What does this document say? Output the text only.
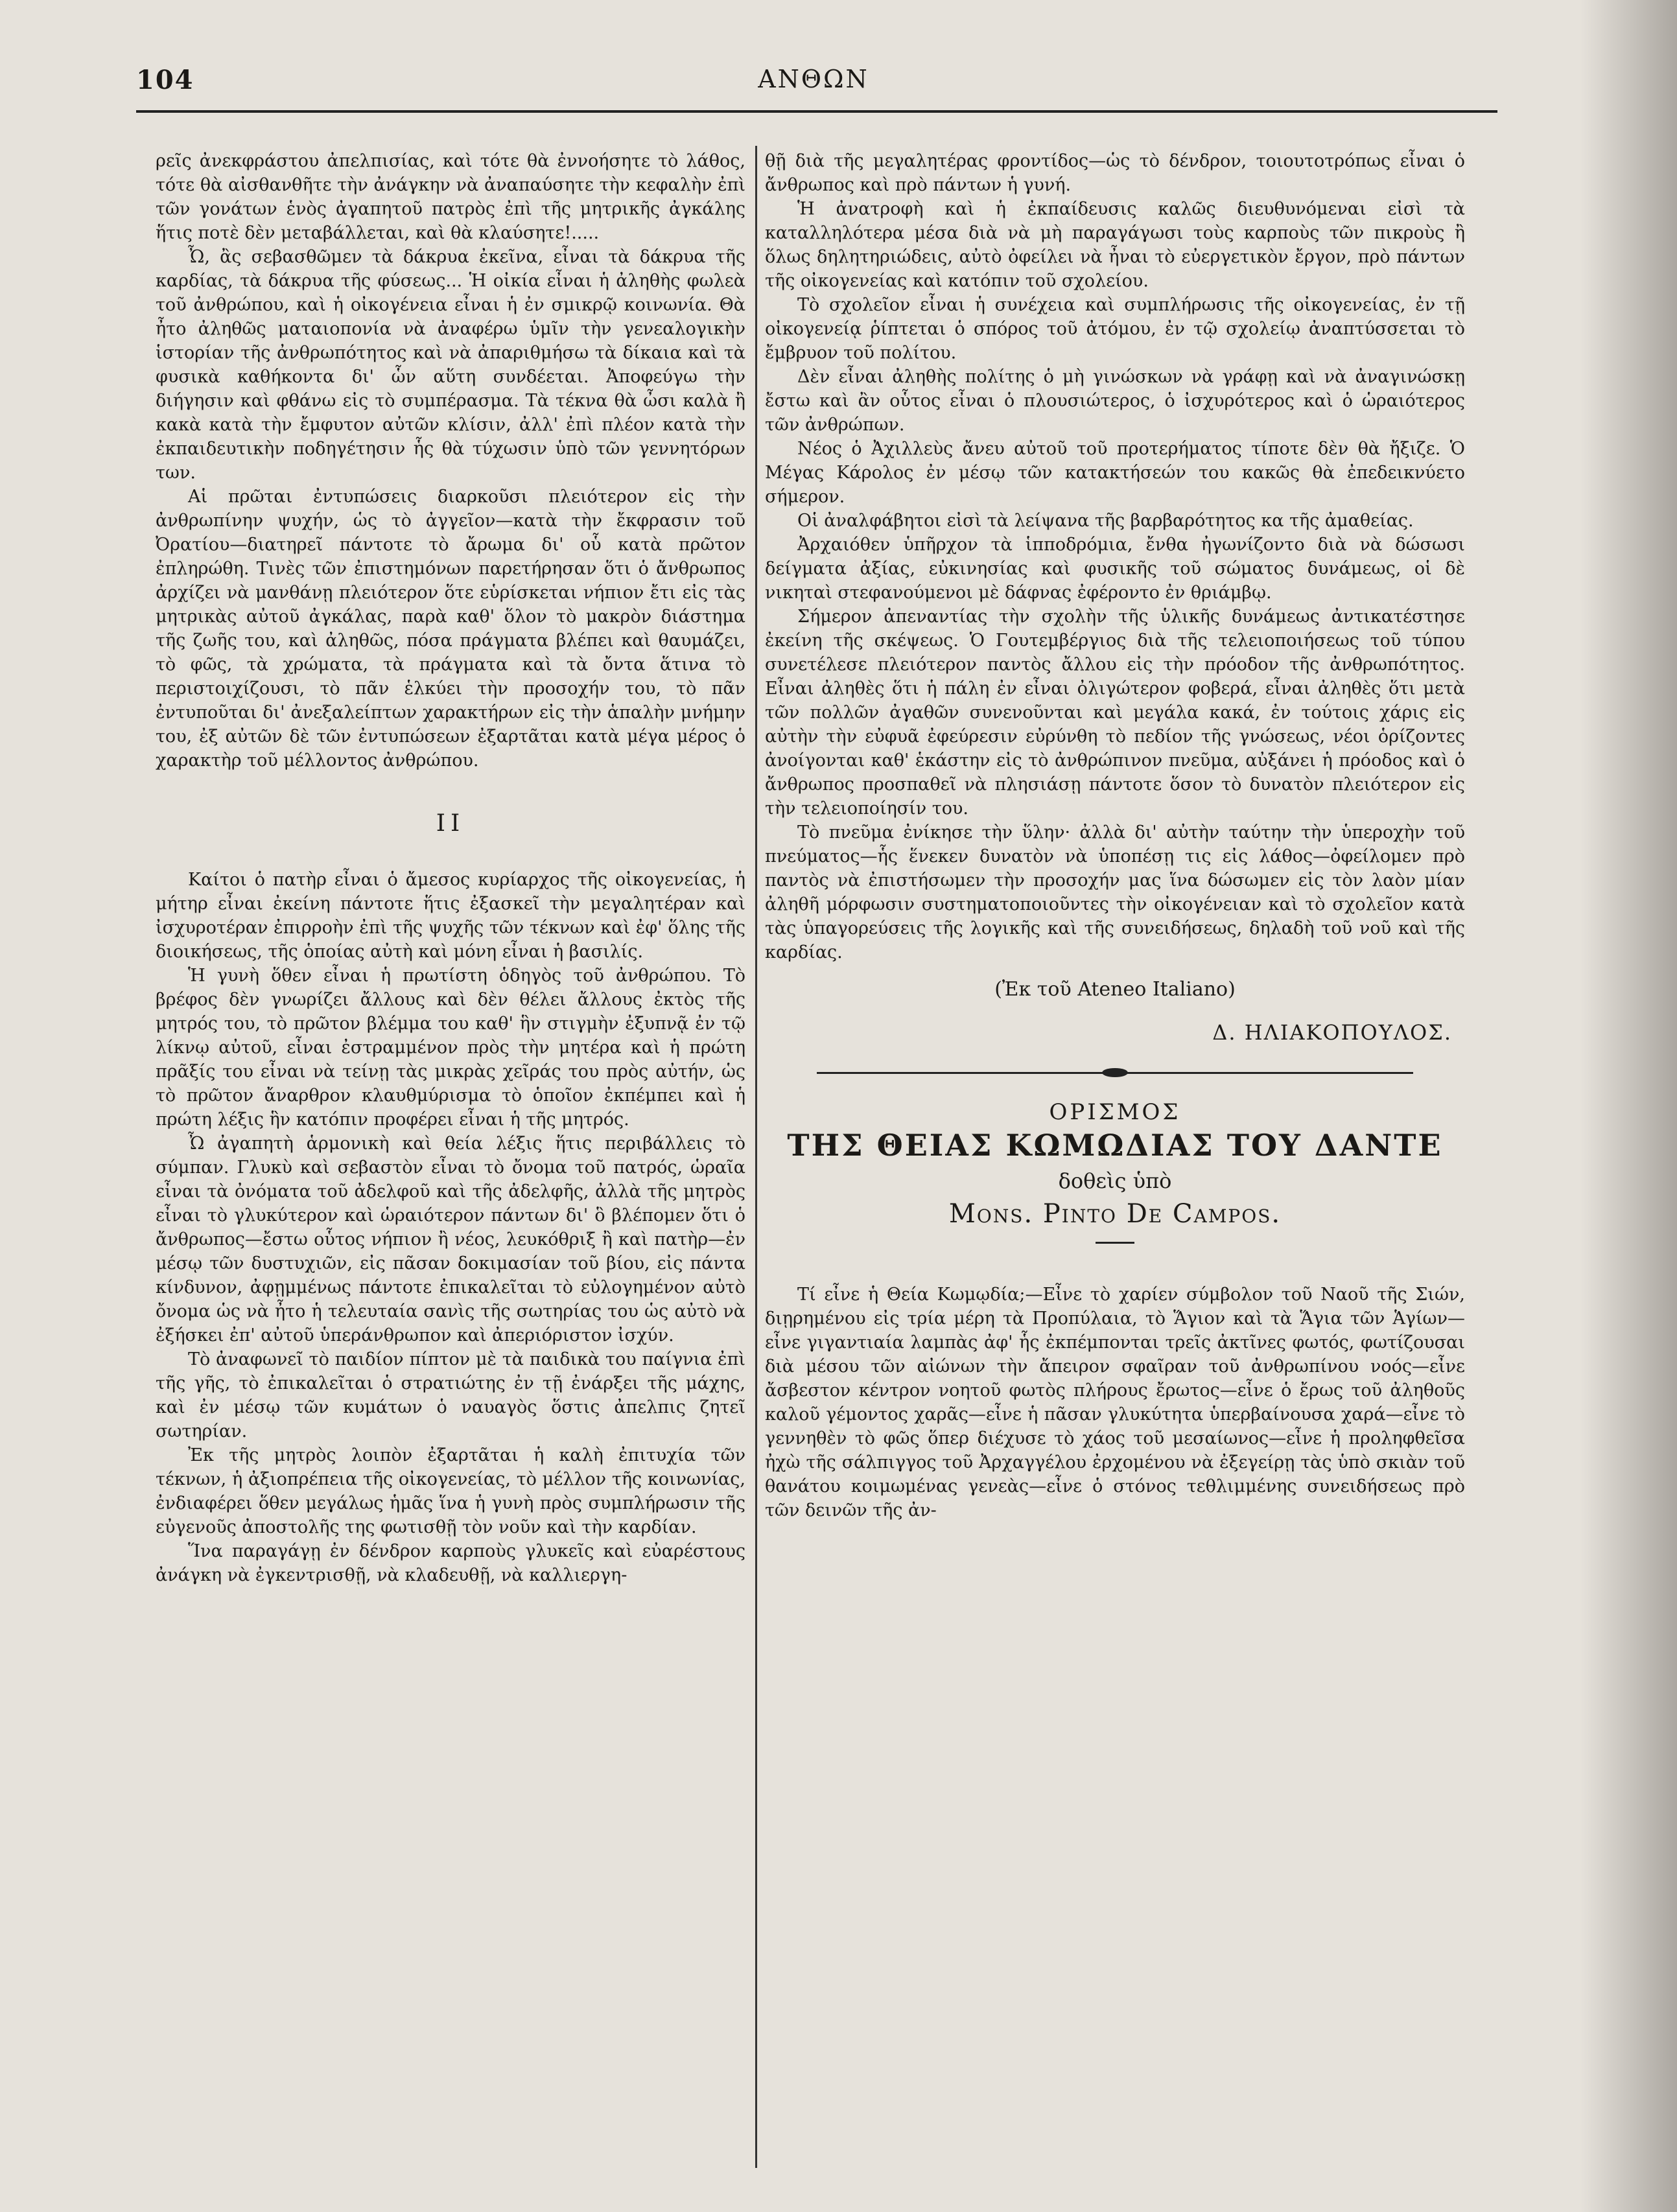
104	ΑΝΘΩΝ

ρεῖς ἀνεκφράστου ἀπελπισίας, καὶ τότε θὰ ἐννοήσητε τὸ λάθος, τότε θὰ αἰσθανθῆτε τὴν ἀνάγκην νὰ ἀναπαύσητε τὴν κεφαλὴν ἐπὶ τῶν γονάτων ἑνὸς ἀγαπητοῦ πατρὸς ἐπὶ τῆς μητρικῆς ἀγκάλης ἥτις ποτὲ δὲν μεταβάλλεται, καὶ θὰ κλαύσητε!.....

Ὦ, ἂς σεβασθῶμεν τὰ δάκρυα ἐκεῖνα, εἶναι τὰ δάκρυα τῆς καρδίας, τὰ δάκρυα τῆς φύσεως... Ἡ οἰκία εἶναι ἡ ἀληθὴς φωλεὰ τοῦ ἀνθρώπου, καὶ ἡ οἰκογένεια εἶναι ἡ ἐν σμικρῷ κοινωνία. Θὰ ἦτο ἀληθῶς ματαιοπονία νὰ ἀναφέρω ὑμῖν τὴν γενεαλογικὴν ἱστορίαν τῆς ἀνθρωπότητος καὶ νὰ ἀπαριθμήσω τὰ δίκαια καὶ τὰ φυσικὰ καθήκοντα δι' ὧν αὕτη συνδέεται. Ἀποφεύγω τὴν διήγησιν καὶ φθάνω εἰς τὸ συμπέρασμα. Τὰ τέκνα θὰ ὦσι καλὰ ἢ κακὰ κατὰ τὴν ἔμφυτον αὐτῶν κλίσιν, ἀλλ' ἐπὶ πλέον κατὰ τὴν ἐκπαιδευτικὴν ποδηγέτησιν ἧς θὰ τύχωσιν ὑπὸ τῶν γεννητόρων των.

Αἱ πρῶται ἐντυπώσεις διαρκοῦσι πλειότερον εἰς τὴν ἀνθρωπίνην ψυχήν, ὡς τὸ ἀγγεῖον—κατὰ τὴν ἔκφρασιν τοῦ Ὀρατίου—διατηρεῖ πάντοτε τὸ ἄρωμα δι' οὗ κατὰ πρῶτον ἐπληρώθη. Τινὲς τῶν ἐπιστημόνων παρετήρησαν ὅτι ὁ ἄνθρωπος ἀρχίζει νὰ μανθάνῃ πλειότερον ὅτε εὑρίσκεται νήπιον ἔτι εἰς τὰς μητρικὰς αὐτοῦ ἀγκάλας, παρὰ καθ' ὅλον τὸ μακρὸν διάστημα τῆς ζωῆς του, καὶ ἀληθῶς, πόσα πράγματα βλέπει καὶ θαυμάζει, τὸ φῶς, τὰ χρώματα, τὰ πράγματα καὶ τὰ ὄντα ἅτινα τὸ περιστοιχίζουσι, τὸ πᾶν ἑλκύει τὴν προσοχήν του, τὸ πᾶν ἐντυποῦται δι' ἀνεξαλείπτων χαρακτήρων εἰς τὴν ἁπαλὴν μνήμην του, ἐξ αὐτῶν δὲ τῶν ἐντυπώσεων ἐξαρτᾶται κατὰ μέγα μέρος ὁ χαρακτὴρ τοῦ μέλλοντος ἀνθρώπου.

II

Καίτοι ὁ πατὴρ εἶναι ὁ ἄμεσος κυρίαρχος τῆς οἰκογενείας, ἡ μήτηρ εἶναι ἐκείνη πάντοτε ἥτις ἐξασκεῖ τὴν μεγαλητέραν καὶ ἰσχυροτέραν ἐπιρροὴν ἐπὶ τῆς ψυχῆς τῶν τέκνων καὶ ἐφ' ὅλης τῆς διοικήσεως, τῆς ὁποίας αὐτὴ καὶ μόνη εἶναι ἡ βασιλίς.

Ἡ γυνὴ ὅθεν εἶναι ἡ πρωτίστη ὁδηγὸς τοῦ ἀνθρώπου. Τὸ βρέφος δὲν γνωρίζει ἄλλους καὶ δὲν θέλει ἄλλους ἐκτὸς τῆς μητρός του, τὸ πρῶτον βλέμμα του καθ' ἣν στιγμὴν ἐξυπνᾷ ἐν τῷ λίκνῳ αὐτοῦ, εἶναι ἐστραμμένον πρὸς τὴν μητέρα καὶ ἡ πρώτη πρᾶξίς του εἶναι νὰ τείνῃ τὰς μικρὰς χεῖράς του πρὸς αὐτήν, ὡς τὸ πρῶτον ἄναρθρον κλαυθμύρισμα τὸ ὁποῖον ἐκπέμπει καὶ ἡ πρώτη λέξις ἣν κατόπιν προφέρει εἶναι ἡ τῆς μητρός.

Ὦ ἀγαπητὴ ἁρμονικὴ καὶ θεία λέξις ἥτις περιβάλλεις τὸ σύμπαν. Γλυκὺ καὶ σεβαστὸν εἶναι τὸ ὄνομα τοῦ πατρός, ὡραῖα εἶναι τὰ ὀνόματα τοῦ ἀδελφοῦ καὶ τῆς ἀδελφῆς, ἀλλὰ τῆς μητρὸς εἶναι τὸ γλυκύτερον καὶ ὡραιότερον πάντων δι' ὃ βλέπομεν ὅτι ὁ ἄνθρωπος—ἔστω οὗτος νήπιον ἢ νέος, λευκόθριξ ἢ καὶ πατὴρ—ἐν μέσῳ τῶν δυστυχιῶν, εἰς πᾶσαν δοκιμασίαν τοῦ βίου, εἰς πάντα κίνδυνον, ἀφῃμμένως πάντοτε ἐπικαλεῖται τὸ εὐλογημένον αὐτὸ ὄνομα ὡς νὰ ἦτο ἡ τελευταία σανὶς τῆς σωτηρίας του ὡς αὐτὸ νὰ ἐξήσκει ἐπ' αὐτοῦ ὑπεράνθρωπον καὶ ἀπεριόριστον ἰσχύν.

Τὸ ἀναφωνεῖ τὸ παιδίον πίπτον μὲ τὰ παιδικὰ του παίγνια ἐπὶ τῆς γῆς, τὸ ἐπικαλεῖται ὁ στρατιώτης ἐν τῇ ἐνάρξει τῆς μάχης, καὶ ἐν μέσῳ τῶν κυμάτων ὁ ναυαγὸς ὅστις ἀπελπις ζητεῖ σωτηρίαν.

Ἐκ τῆς μητρὸς λοιπὸν ἐξαρτᾶται ἡ καλὴ ἐπιτυχία τῶν τέκνων, ἡ ἀξιοπρέπεια τῆς οἰκογενείας, τὸ μέλλον τῆς κοινωνίας, ἐνδιαφέρει ὅθεν μεγάλως ἡμᾶς ἵνα ἡ γυνὴ πρὸς συμπλήρωσιν τῆς εὐγενοῦς ἀποστολῆς της φωτισθῇ τὸν νοῦν καὶ τὴν καρδίαν.

Ἵνα παραγάγῃ ἐν δένδρον καρποὺς γλυκεῖς καὶ εὐαρέστους ἀνάγκη νὰ ἐγκεντρισθῇ, νὰ κλαδευθῇ, νὰ καλλιεργη-

θῇ διὰ τῆς μεγαλητέρας φροντίδος—ὡς τὸ δένδρον, τοιουτοτρόπως εἶναι ὁ ἄνθρωπος καὶ πρὸ πάντων ἡ γυνή.

Ἡ ἀνατροφὴ καὶ ἡ ἐκπαίδευσις καλῶς διευθυνόμεναι εἰσὶ τὰ καταλληλότερα μέσα διὰ νὰ μὴ παραγάγωσι τοὺς καρποὺς τῶν πικροὺς ἢ ὅλως δηλητηριώδεις, αὐτὸ ὀφείλει νὰ ἦναι τὸ εὐεργετικὸν ἔργον, πρὸ πάντων τῆς οἰκογενείας καὶ κατόπιν τοῦ σχολείου.

Τὸ σχολεῖον εἶναι ἡ συνέχεια καὶ συμπλήρωσις τῆς οἰκογενείας, ἐν τῇ οἰκογενείᾳ ῥίπτεται ὁ σπόρος τοῦ ἀτόμου, ἐν τῷ σχολείῳ ἀναπτύσσεται τὸ ἔμβρυον τοῦ πολίτου.

Δὲν εἶναι ἀληθὴς πολίτης ὁ μὴ γινώσκων νὰ γράφῃ καὶ νὰ ἀναγινώσκῃ ἔστω καὶ ἂν οὗτος εἶναι ὁ πλουσιώτερος, ὁ ἰσχυρότερος καὶ ὁ ὡραιότερος τῶν ἀνθρώπων.

Νέος ὁ Ἀχιλλεὺς ἄνευ αὐτοῦ τοῦ προτερήματος τίποτε δὲν θὰ ἤξιζε. Ὁ Μέγας Κάρολος ἐν μέσῳ τῶν κατακτήσεών του κακῶς θὰ ἐπεδεικνύετο σήμερον.

Οἱ ἀναλφάβητοι εἰσὶ τὰ λείψανα τῆς βαρβαρότητος κα τῆς ἀμαθείας.

Ἀρχαιόθεν ὑπῆρχον τὰ ἱπποδρόμια, ἔνθα ἠγωνίζοντο διὰ νὰ δώσωσι δείγματα ἀξίας, εὐκινησίας καὶ φυσικῆς τοῦ σώματος δυνάμεως, οἱ δὲ νικηταὶ στεφανούμενοι μὲ δάφνας ἐφέροντο ἐν θριάμβῳ.

Σήμερον ἀπεναντίας τὴν σχολὴν τῆς ὑλικῆς δυνάμεως ἀντικατέστησε ἐκείνη τῆς σκέψεως. Ὁ Γουτεμβέργιος διὰ τῆς τελειοποιήσεως τοῦ τύπου συνετέλεσε πλειότερον παντὸς ἄλλου εἰς τὴν πρόοδον τῆς ἀνθρωπότητος. Εἶναι ἀληθὲς ὅτι ἡ πάλη ἐν εἶναι ὀλιγώτερον φοβερά, εἶναι ἀληθὲς ὅτι μετὰ τῶν πολλῶν ἀγαθῶν συνενοῦνται καὶ μεγάλα κακά, ἐν τούτοις χάρις εἰς αὐτὴν τὴν εὐφυᾶ ἐφεύρεσιν εὐρύνθη τὸ πεδίον τῆς γνώσεως, νέοι ὁρίζοντες ἀνοίγονται καθ' ἑκάστην εἰς τὸ ἀνθρώπινον πνεῦμα, αὐξάνει ἡ πρόοδος καὶ ὁ ἄνθρωπος προσπαθεῖ νὰ πλησιάσῃ πάντοτε ὅσον τὸ δυνατὸν πλειότερον εἰς τὴν τελειοποίησίν του.

Τὸ πνεῦμα ἐνίκησε τὴν ὕλην· ἀλλὰ δι' αὐτὴν ταύτην τὴν ὑπεροχὴν τοῦ πνεύματος—ἧς ἕνεκεν δυνατὸν νὰ ὑποπέσῃ τις εἰς λάθος—ὀφείλομεν πρὸ παντὸς νὰ ἐπιστήσωμεν τὴν προσοχήν μας ἵνα δώσωμεν εἰς τὸν λαὸν μίαν ἀληθῆ μόρφωσιν συστηματοποιοῦντες τὴν οἰκογένειαν καὶ τὸ σχολεῖον κατὰ τὰς ὑπαγορεύσεις τῆς λογικῆς καὶ τῆς συνειδήσεως, δηλαδὴ τοῦ νοῦ καὶ τῆς καρδίας.

(Ἐκ τοῦ Ateneo Italiano)
Δ. ΗΛΙΑΚΟΠΟΥΛΟΣ.
ΟΡΙΣΜΟΣ
ΤΗΣ ΘΕΙΑΣ ΚΩΜΩΔΙΑΣ ΤΟΥ ΔΑΝΤΕ
δοθεὶς ὑπὸ
Mons. Pinto De Campos.

Τί εἶνε ἡ Θεία Κωμῳδία;—Εἶνε τὸ χαρίεν σύμβολον τοῦ Ναοῦ τῆς Σιών, διῃρημένου εἰς τρία μέρη τὰ Προπύλαια, τὸ Ἅγιον καὶ τὰ Ἅγια τῶν Ἁγίων—εἶνε γιγαντιαία λαμπὰς ἀφ' ἧς ἐκπέμπονται τρεῖς ἀκτῖνες φωτός, φωτίζουσαι διὰ μέσου τῶν αἰώνων τὴν ἄπειρον σφαῖραν τοῦ ἀνθρωπίνου νοός—εἶνε ἄσβεστον κέντρον νοητοῦ φωτὸς πλήρους ἔρωτος—εἶνε ὁ ἔρως τοῦ ἀληθοῦς καλοῦ γέμοντος χαρᾶς—εἶνε ἡ πᾶσαν γλυκύτητα ὑπερβαίνουσα χαρά—εἶνε τὸ γεννηθὲν τὸ φῶς ὅπερ διέχυσε τὸ χάος τοῦ μεσαίωνος—εἶνε ἡ προληφθεῖσα ἠχὼ τῆς σάλπιγγος τοῦ Ἀρχαγγέλου ἐρχομένου νὰ ἐξεγείρῃ τὰς ὑπὸ σκιὰν τοῦ θανάτου κοιμωμένας γενεὰς—εἶνε ὁ στόνος τεθλιμμένης συνειδήσεως πρὸ τῶν δεινῶν τῆς ἀν-
